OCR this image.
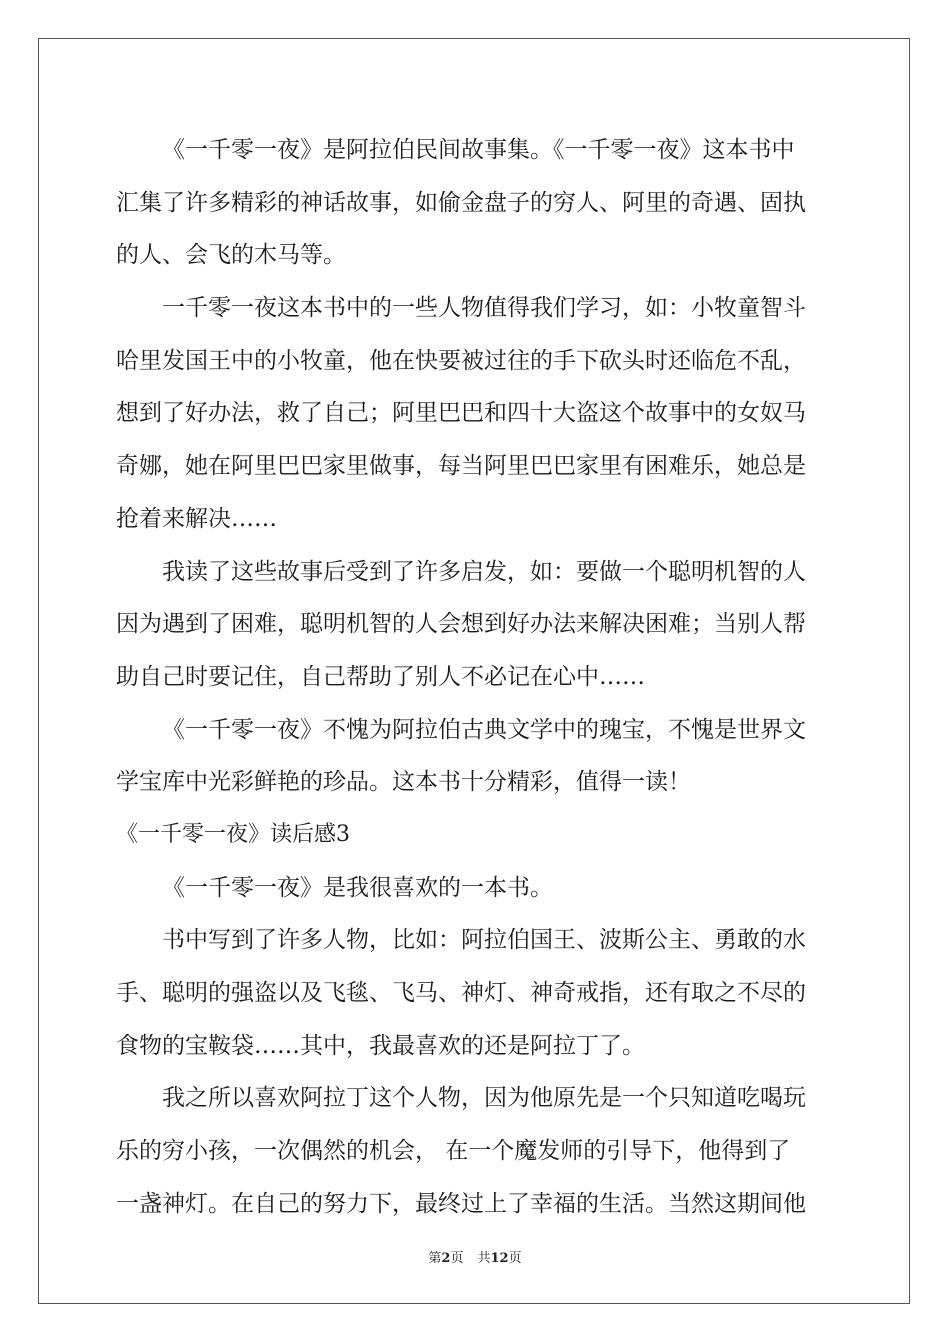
《一千零一夜》是阿拉伯民间故事集。《一千零一夜》这本书中
汇集了许多精彩的神话故事，如偷金盘子的穷人、阿里的奇遇、固执
的人、会飞的木马等。
一千零一夜这本书中的一些人物值得我们学习，如：小牧童智斗
哈里发国王中的小牧童，他在快要被过往的手下砍头时还临危不乱，
想到了好办法，救了自己；阿里巴巴和四十大盗这个故事中的女奴马
奇娜，她在阿里巴巴家里做事，每当阿里巴巴家里有困难乐，她总是
抢着来解决……
我读了这些故事后受到了许多启发，如：要做一个聪明机智的人
因为遇到了困难，聪明机智的人会想到好办法来解决困难；当别人帮
助自己时要记住，自己帮助了别人不必记在心中……
《一千零一夜》不愧为阿拉伯古典文学中的瑰宝，不愧是世界文
学宝库中光彩鲜艳的珍品。这本书十分精彩，值得一读！
《一千零一夜》读后感3
《一千零一夜》是我很喜欢的一本书。
书中写到了许多人物，比如：阿拉伯国王、波斯公主、勇敢的水
手、聪明的强盗以及飞毯、飞马、神灯、神奇戒指，还有取之不尽的
食物的宝鞍袋……其中，我最喜欢的还是阿拉丁了。
我之所以喜欢阿拉丁这个人物，因为他原先是一个只知道吃喝玩
乐的穷小孩，一次偶然的机会， 在一个魔发师的引导下，他得到了
一盏神灯。在自己的努力下，最终过上了幸福的生活。当然这期间他
第2页 共12页
